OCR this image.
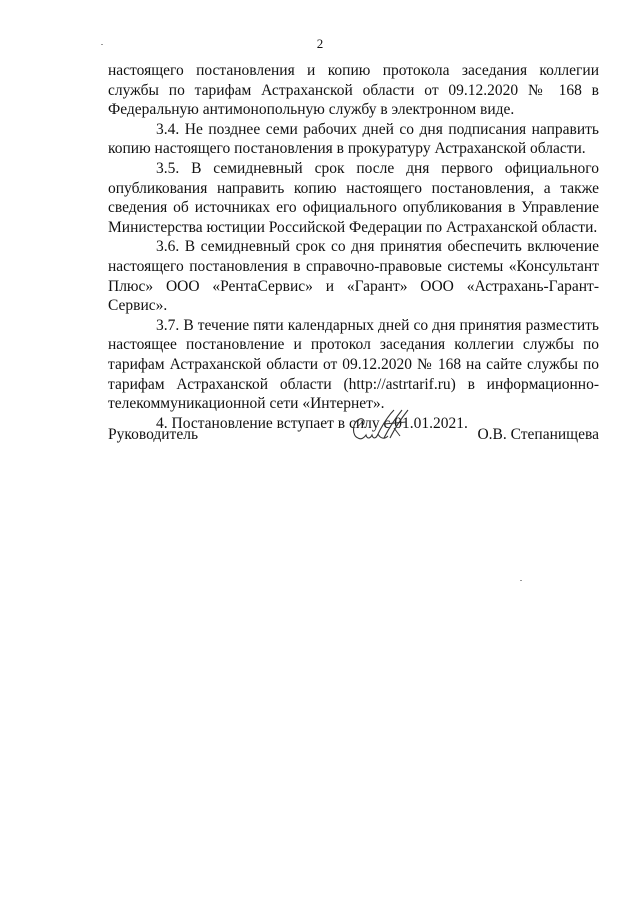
2

настоящего постановления и копию протокола заседания коллегии службы по тарифам Астраханской области от 09.12.2020 № 168 в Федеральную антимонопольную службу в электронном виде.

3.4. Не позднее семи рабочих дней со дня подписания направить копию настоящего постановления в прокуратуру Астраханской области.

3.5. В семидневный срок после дня первого официального опубликования направить копию настоящего постановления, а также сведения об источниках его официального опубликования в Управление Министерства юстиции Российской Федерации по Астраханской области.

3.6. В семидневный срок со дня принятия обеспечить включение настоящего постановления в справочно-правовые системы «Консультант Плюс» ООО «РентаСервис» и «Гарант» ООО «Астрахань-Гарант-Сервис».

3.7. В течение пяти календарных дней со дня принятия разместить настоящее постановление и протокол заседания коллегии службы по тарифам Астраханской области от 09.12.2020 № 168 на сайте службы по тарифам Астраханской области (http://astrtarif.ru) в информационно-телекоммуникационной сети «Интернет».

4. Постановление вступает в силу с 01.01.2021.

Руководитель	О.В. Степанищева
